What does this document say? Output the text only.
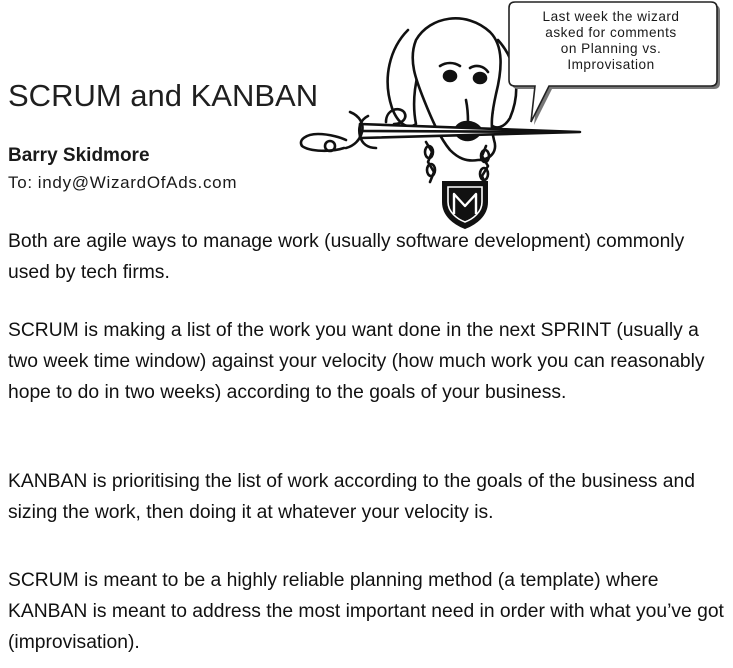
Last week the wizard
asked for comments
on Planning vs.
Improvisation
SCRUM and KANBAN
Barry Skidmore
To: indy@WizardOfAds.com

Both are agile ways to manage work (usually software development) commonly used by tech firms.

SCRUM is making a list of the work you want done in the next SPRINT (usually a two week time window) against your velocity (how much work you can reasonably hope to do in two weeks) according to the goals of your business.

KANBAN is prioritising the list of work according to the goals of the business and sizing the work, then doing it at whatever your velocity is.

SCRUM is meant to be a highly reliable planning method (a template) where KANBAN is meant to address the most important need in order with what you’ve got (improvisation).
